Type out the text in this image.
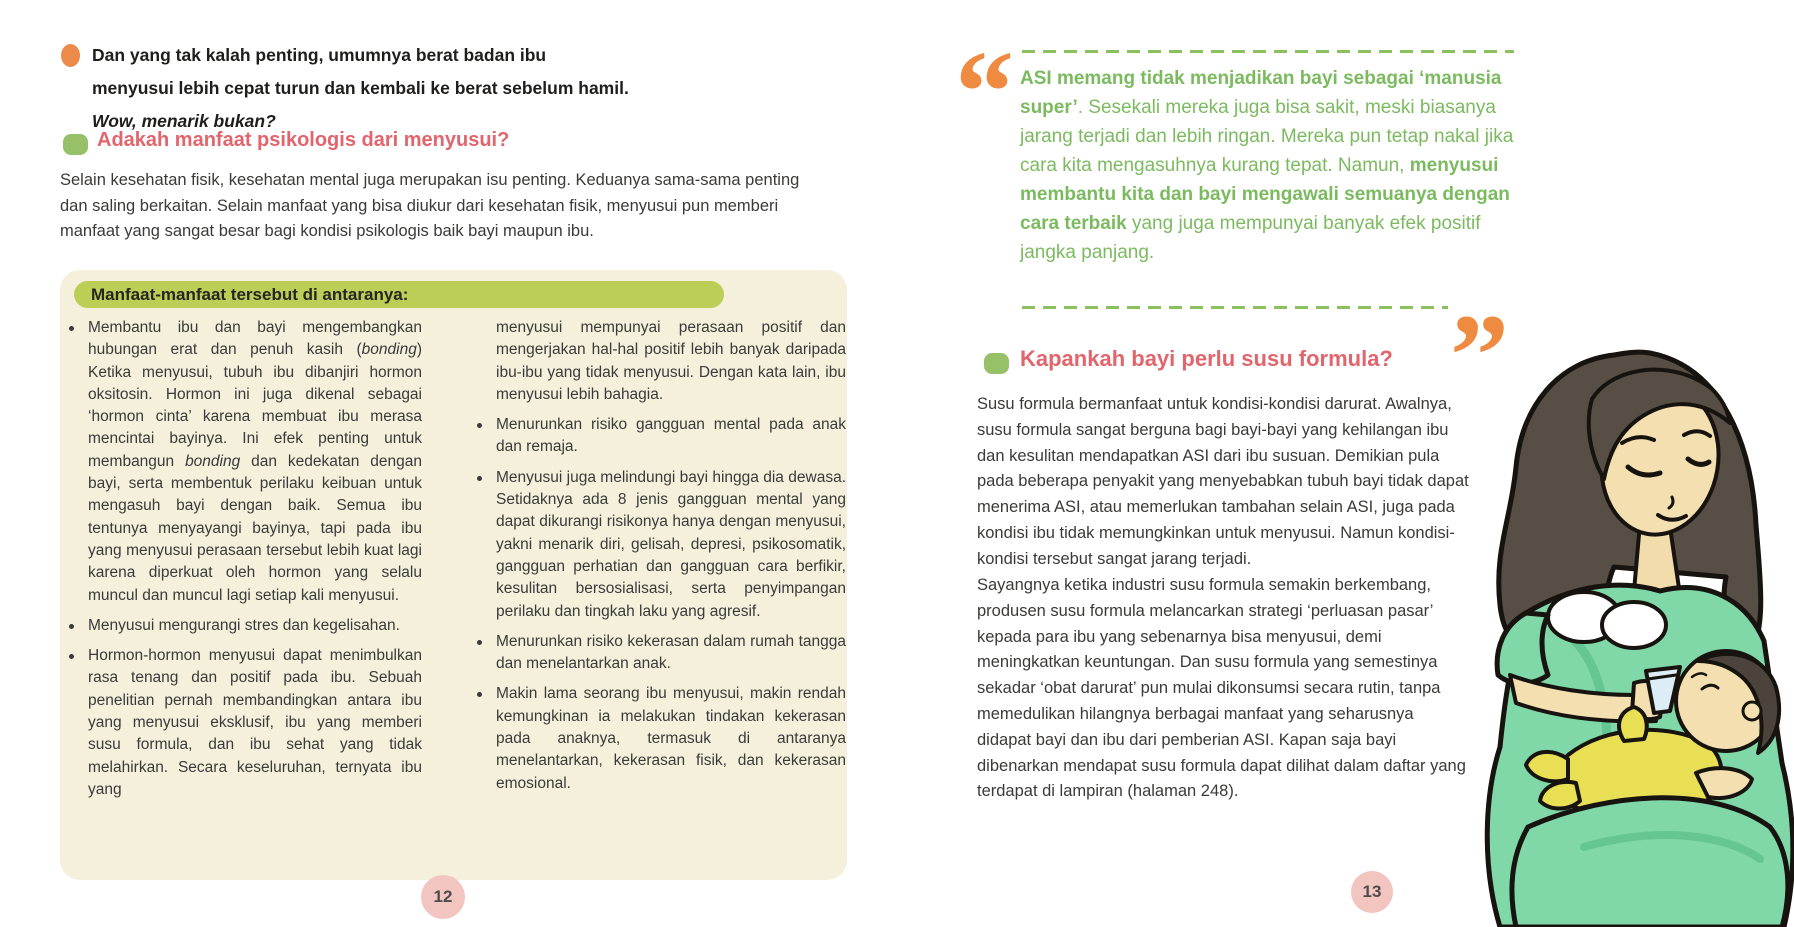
Dan yang tak kalah penting, umumnya berat badan ibu menyusui lebih cepat turun dan kembali ke berat sebelum hamil. Wow, menarik bukan?
Adakah manfaat psikologis dari menyusui?
Selain kesehatan fisik, kesehatan mental juga merupakan isu penting. Keduanya sama-sama penting dan saling berkaitan. Selain manfaat yang bisa diukur dari kesehatan fisik, menyusui pun memberi manfaat yang sangat besar bagi kondisi psikologis baik bayi maupun ibu.
Manfaat-manfaat tersebut di antaranya:
Membantu ibu dan bayi mengembangkan hubungan erat dan penuh kasih (bonding) Ketika menyusui, tubuh ibu dibanjiri hormon oksitosin. Hormon ini juga dikenal sebagai ‘hormon cinta’ karena membuat ibu merasa mencintai bayinya. Ini efek penting untuk membangun bonding dan kedekatan dengan bayi, serta membentuk perilaku keibuan untuk mengasuh bayi dengan baik. Semua ibu tentunya menyayangi bayinya, tapi pada ibu yang menyusui perasaan tersebut lebih kuat lagi karena diperkuat oleh hormon yang selalu muncul dan muncul lagi setiap kali menyusui.
Menyusui mengurangi stres dan kegelisahan.
Hormon-hormon menyusui dapat menimbulkan rasa tenang dan positif pada ibu. Sebuah penelitian pernah membandingkan antara ibu yang menyusui eksklusif, ibu yang memberi susu formula, dan ibu sehat yang tidak melahirkan. Secara keseluruhan, ternyata ibu yang
menyusui mempunyai perasaan positif dan mengerjakan hal-hal positif lebih banyak daripada ibu-ibu yang tidak menyusui. Dengan kata lain, ibu menyusui lebih bahagia.
Menurunkan risiko gangguan mental pada anak dan remaja.
Menyusui juga melindungi bayi hingga dia dewasa. Setidaknya ada 8 jenis gangguan mental yang dapat dikurangi risikonya hanya dengan menyusui, yakni menarik diri, gelisah, depresi, psikosomatik, gangguan perhatian dan gangguan cara berfikir, kesulitan bersosialisasi, serta penyimpangan perilaku dan tingkah laku yang agresif.
Menurunkan risiko kekerasan dalam rumah tangga dan menelantarkan anak.
Makin lama seorang ibu menyusui, makin rendah kemungkinan ia melakukan tindakan kekerasan pada anaknya, termasuk di antaranya menelantarkan, kekerasan fisik, dan kekerasan emosional.
12
“ ASI memang tidak menjadikan bayi sebagai ‘manusia super’. Sesekali mereka juga bisa sakit, meski biasanya jarang terjadi dan lebih ringan. Mereka pun tetap nakal jika cara kita mengasuhnya kurang tepat. Namun, menyusui membantu kita dan bayi mengawali semuanya dengan cara terbaik yang juga mempunyai banyak efek positif jangka panjang.
”
Kapankah bayi perlu susu formula?
Susu formula bermanfaat untuk kondisi-kondisi darurat. Awalnya, susu formula sangat berguna bagi bayi-bayi yang kehilangan ibu dan kesulitan mendapatkan ASI dari ibu susuan. Demikian pula pada beberapa penyakit yang menyebabkan tubuh bayi tidak dapat menerima ASI, atau memerlukan tambahan selain ASI, juga pada kondisi ibu tidak memungkinkan untuk menyusui. Namun kondisi-kondisi tersebut sangat jarang terjadi.
Sayangnya ketika industri susu formula semakin berkembang, produsen susu formula melancarkan strategi ‘perluasan pasar’ kepada para ibu yang sebenarnya bisa menyusui, demi meningkatkan keuntungan. Dan susu formula yang semestinya sekadar ‘obat darurat’ pun mulai dikonsumsi secara rutin, tanpa memedulikan hilangnya berbagai manfaat yang seharusnya didapat bayi dan ibu dari pemberian ASI. Kapan saja bayi dibenarkan mendapat susu formula dapat dilihat dalam daftar yang terdapat di lampiran (halaman 248).
13
